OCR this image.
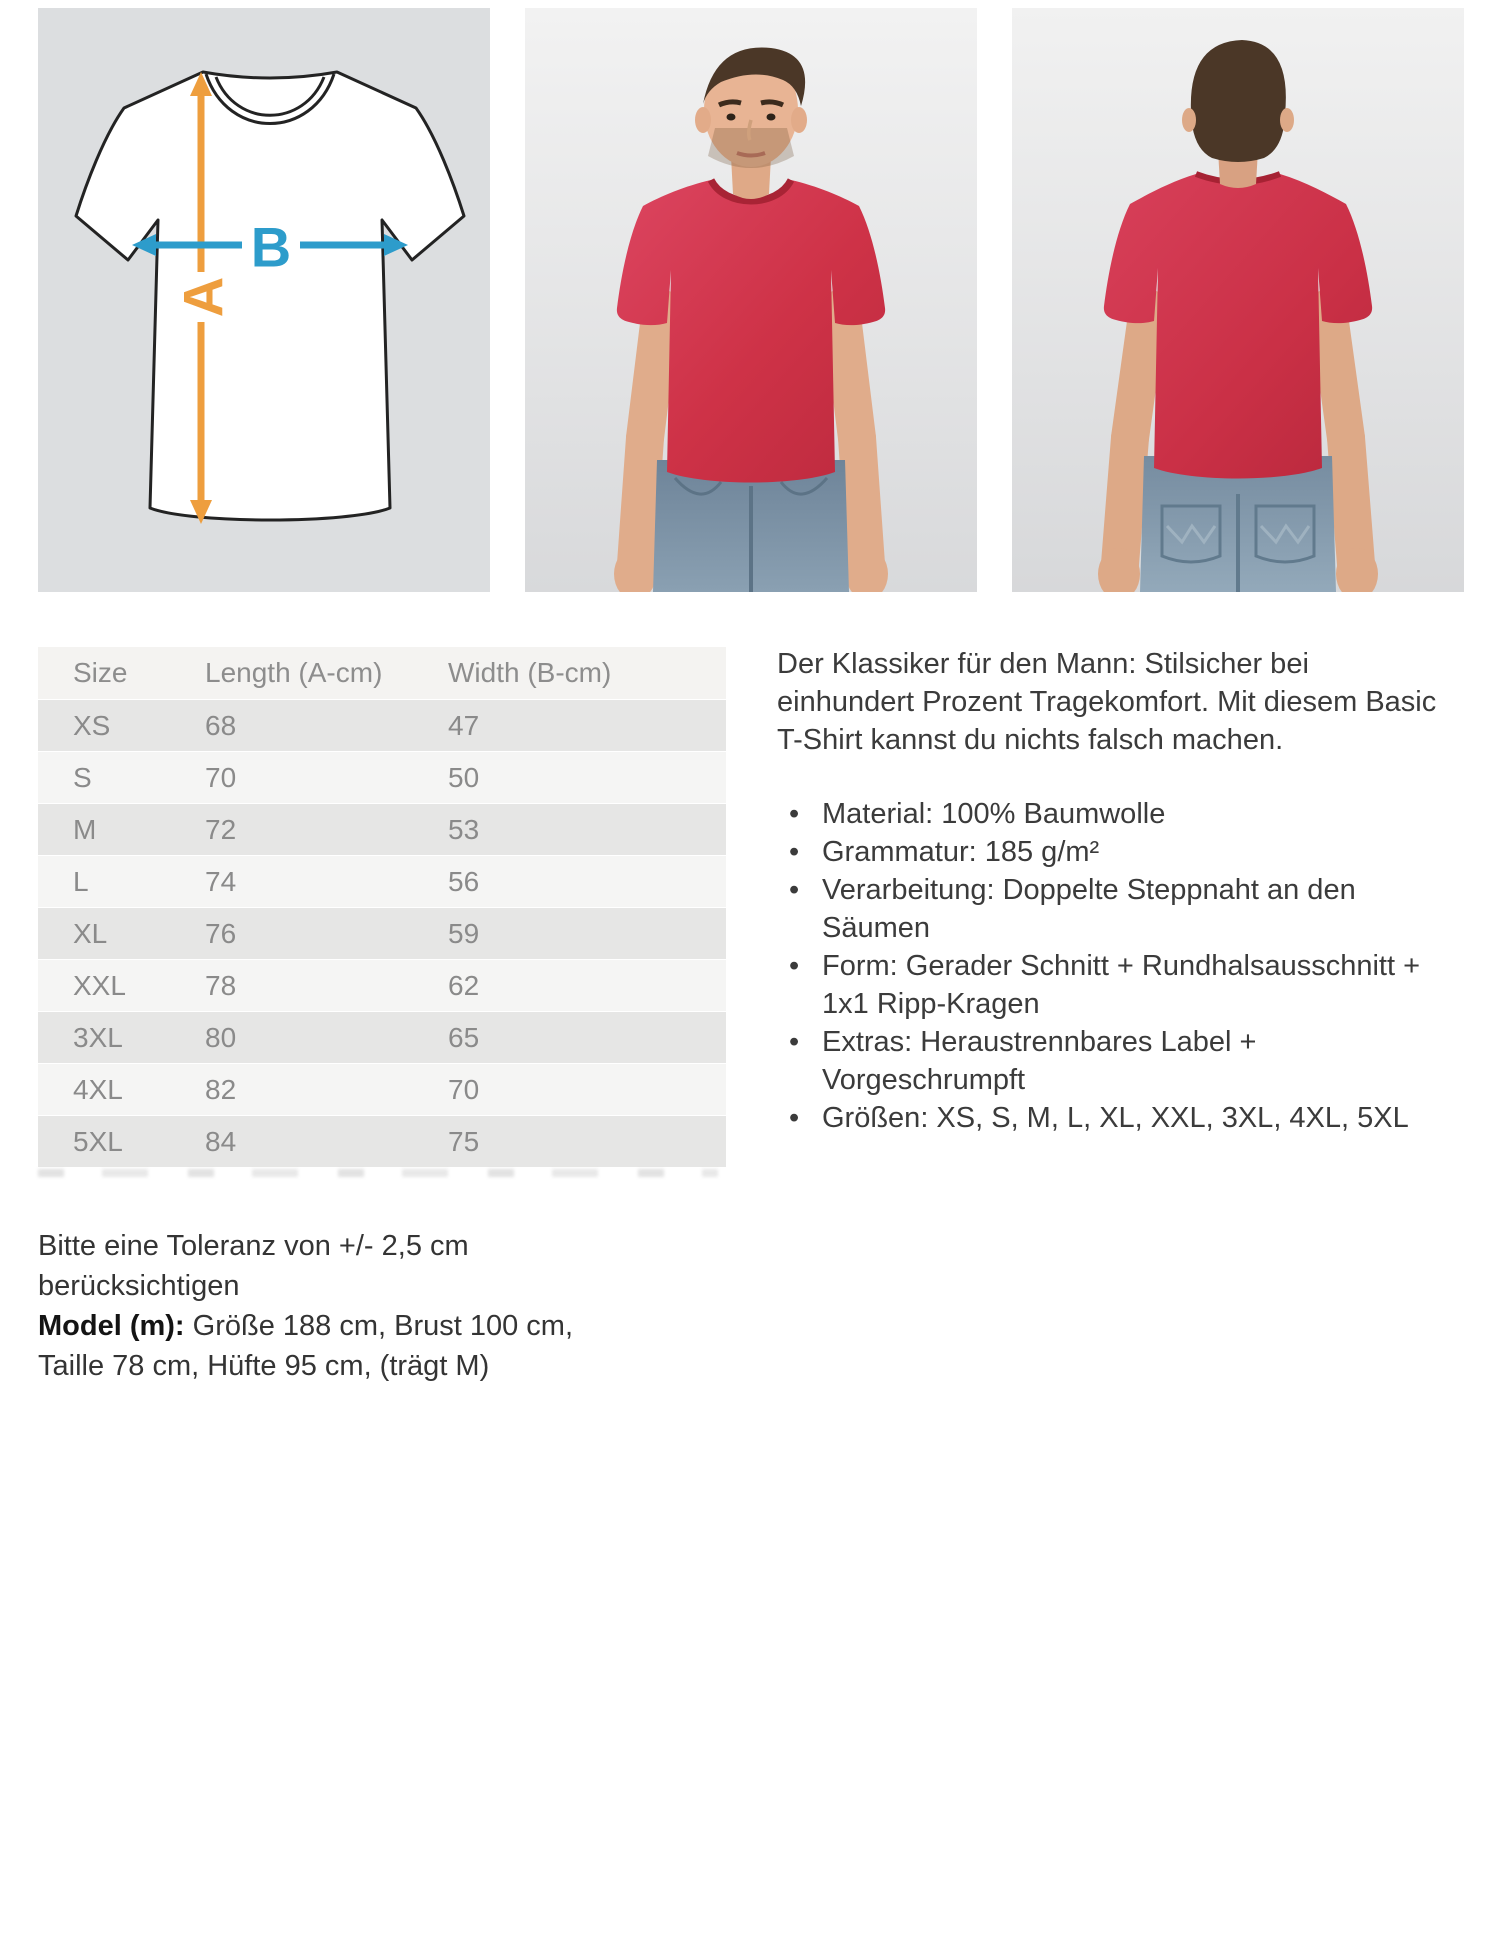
A
B
Size	Length (A-cm)	Width (B-cm)
XS	68	47
S	70	50
M	72	53
L	74	56
XL	76	59
XXL	78	62
3XL	80	65
4XL	82	70
5XL	84	75
Bitte eine Toleranz von +/- 2,5 cm berücksichtigen
Model (m): Größe 188 cm, Brust 100 cm, Taille 78 cm, Hüfte 95 cm, (trägt M)

Der Klassiker für den Mann: Stilsicher bei einhundert Prozent Tragekomfort. Mit diesem Basic T-Shirt kannst du nichts falsch machen.

• Material: 100% Baumwolle
• Grammatur: 185 g/m²
• Verarbeitung: Doppelte Steppnaht an den Säumen
• Form: Gerader Schnitt + Rundhalsausschnitt + 1x1 Ripp-Kragen
• Extras: Heraustrennbares Label + Vorgeschrumpft
• Größen: XS, S, M, L, XL, XXL, 3XL, 4XL, 5XL
